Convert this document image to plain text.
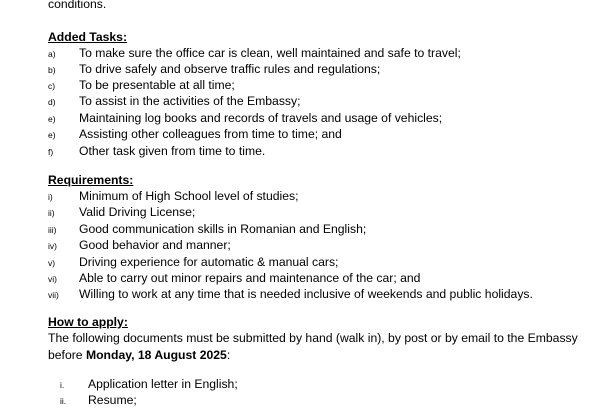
conditions.
Added Tasks:
a) To make sure the office car is clean, well maintained and safe to travel;
b) To drive safely and observe traffic rules and regulations;
c) To be presentable at all time;
d) To assist in the activities of the Embassy;
e) Maintaining log books and records of travels and usage of vehicles;
e) Assisting other colleagues from time to time; and
f) Other task given from time to time.
Requirements:
i) Minimum of High School level of studies;
ii) Valid Driving License;
iii) Good communication skills in Romanian and English;
iv) Good behavior and manner;
v) Driving experience for automatic & manual cars;
vi) Able to carry out minor repairs and maintenance of the car; and
vii) Willing to work at any time that is needed inclusive of weekends and public holidays.
How to apply:
The following documents must be submitted by hand (walk in), by post or by email to the Embassy
before Monday, 18 August 2025:
i. Application letter in English;
ii. Resume;
